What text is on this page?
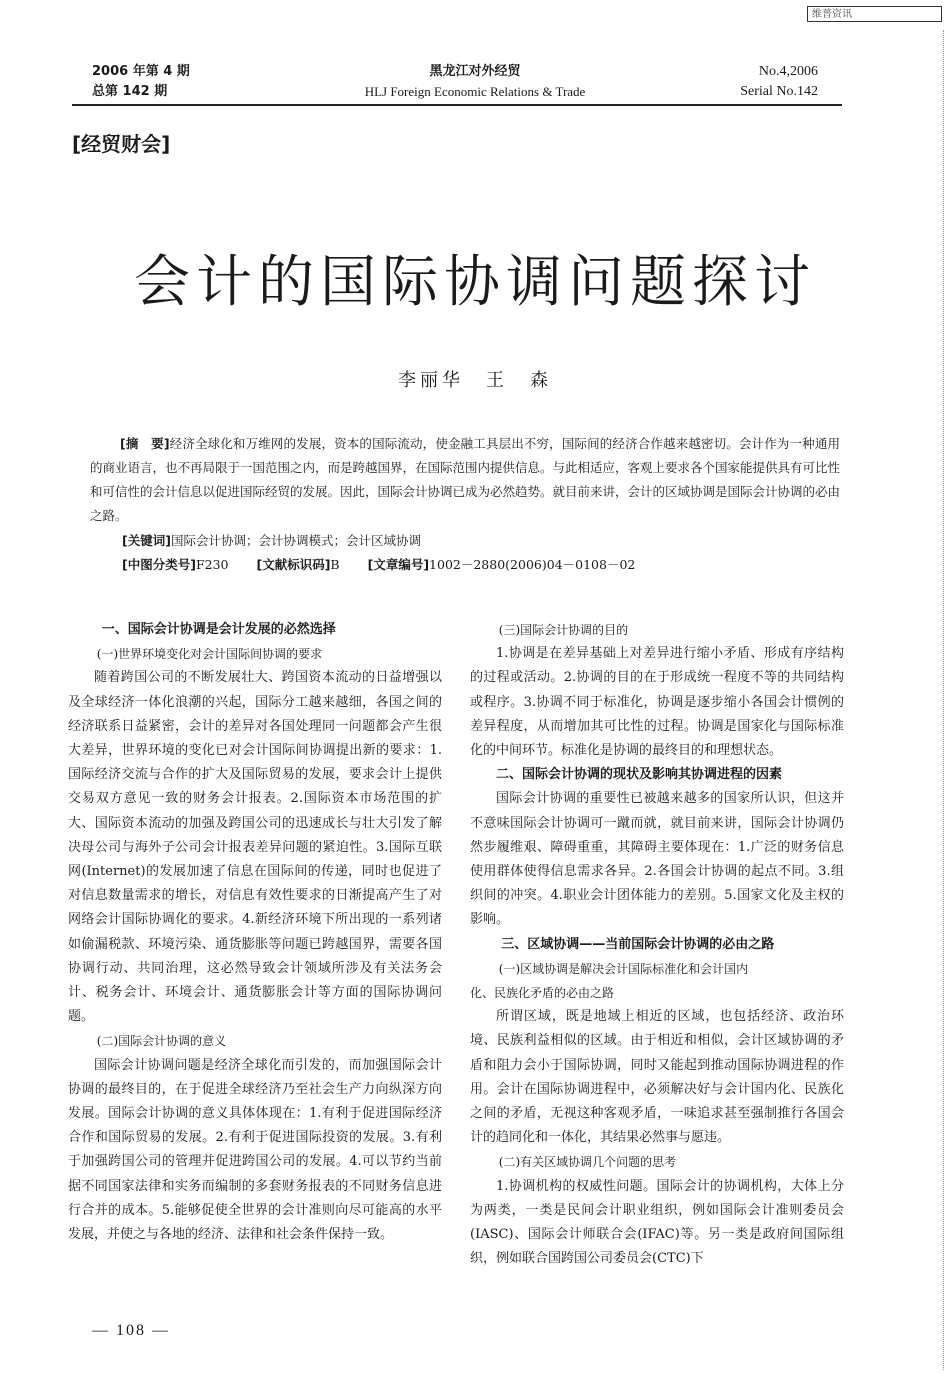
维普资讯
2006 年第 4 期
总第 142 期
黑龙江对外经贸
HLJ Foreign Economic Relations & Trade
No.4,2006
Serial No.142
[经贸财会]
会计的国际协调问题探讨
李丽华　王　森
[摘　要]经济全球化和万维网的发展，资本的国际流动，使金融工具层出不穷，国际间的经济合作越来越密切。会计作为一种通用的商业语言，也不再局限于一国范围之内，而是跨越国界，在国际范围内提供信息。与此相适应，客观上要求各个国家能提供具有可比性和可信性的会计信息以促进国际经贸的发展。因此，国际会计协调已成为必然趋势。就目前来讲，会计的区域协调是国际会计协调的必由之路。
[关键词]国际会计协调；会计协调模式；会计区域协调
[中图分类号]F230 [文献标识码]B [文章编号]1002－2880(2006)04－0108－02
一、国际会计协调是会计发展的必然选择
(一)世界环境变化对会计国际间协调的要求

随着跨国公司的不断发展壮大、跨国资本流动的日益增强以及全球经济一体化浪潮的兴起，国际分工越来越细，各国之间的经济联系日益紧密，会计的差异对各国处理同一问题都会产生很大差异，世界环境的变化已对会计国际间协调提出新的要求：1.国际经济交流与合作的扩大及国际贸易的发展，要求会计上提供交易双方意见一致的财务会计报表。2.国际资本市场范围的扩大、国际资本流动的加强及跨国公司的迅速成长与壮大引发了解决母公司与海外子公司会计报表差异问题的紧迫性。3.国际互联网(Internet)的发展加速了信息在国际间的传递，同时也促进了对信息数量需求的增长，对信息有效性要求的日渐提高产生了对网络会计国际协调化的要求。4.新经济环境下所出现的一系列诸如偷漏税款、环境污染、通货膨胀等问题已跨越国界，需要各国协调行动、共同治理，这必然导致会计领域所涉及有关法务会计、税务会计、环境会计、通货膨胀会计等方面的国际协调问题。

(二)国际会计协调的意义

国际会计协调问题是经济全球化而引发的，而加强国际会计协调的最终目的，在于促进全球经济乃至社会生产力向纵深方向发展。国际会计协调的意义具体体现在：1.有利于促进国际经济合作和国际贸易的发展。2.有利于促进国际投资的发展。3.有利于加强跨国公司的管理并促进跨国公司的发展。4.可以节约当前据不同国家法律和实务而编制的多套财务报表的不同财务信息进行合并的成本。5.能够促使全世界的会计准则向尽可能高的水平发展，并使之与各地的经济、法律和社会条件保持一致。

(三)国际会计协调的目的

1.协调是在差异基础上对差异进行缩小矛盾、形成有序结构的过程或活动。2.协调的目的在于形成统一程度不等的共同结构或程序。3.协调不同于标准化，协调是逐步缩小各国会计惯例的差异程度，从而增加其可比性的过程。协调是国家化与国际标准化的中间环节。标准化是协调的最终目的和理想状态。

二、国际会计协调的现状及影响其协调进程的因素

国际会计协调的重要性已被越来越多的国家所认识，但这并不意味国际会计协调可一蹴而就，就目前来讲，国际会计协调仍然步履维艰、障碍重重，其障碍主要体现在：1.广泛的财务信息使用群体使得信息需求各异。2.各国会计协调的起点不同。3.组织间的冲突。4.职业会计团体能力的差别。5.国家文化及主权的影响。

三、区域协调——当前国际会计协调的必由之路
(一)区域协调是解决会计国际标准化和会计国内
化、民族化矛盾的必由之路

所谓区域，既是地域上相近的区域，也包括经济、政治环境、民族利益相似的区域。由于相近和相似，会计区域协调的矛盾和阻力会小于国际协调，同时又能起到推动国际协调进程的作用。会计在国际协调进程中，必须解决好与会计国内化、民族化之间的矛盾，无视这种客观矛盾，一味追求甚至强制推行各国会计的趋同化和一体化，其结果必然事与愿违。

(二)有关区域协调几个问题的思考

1.协调机构的权威性问题。国际会计的协调机构，大体上分为两类，一类是民间会计职业组织，例如国际会计准则委员会(IASC)、国际会计师联合会(IFAC)等。另一类是政府间国际组织，例如联合国跨国公司委员会(CTC)下

— 108 —
